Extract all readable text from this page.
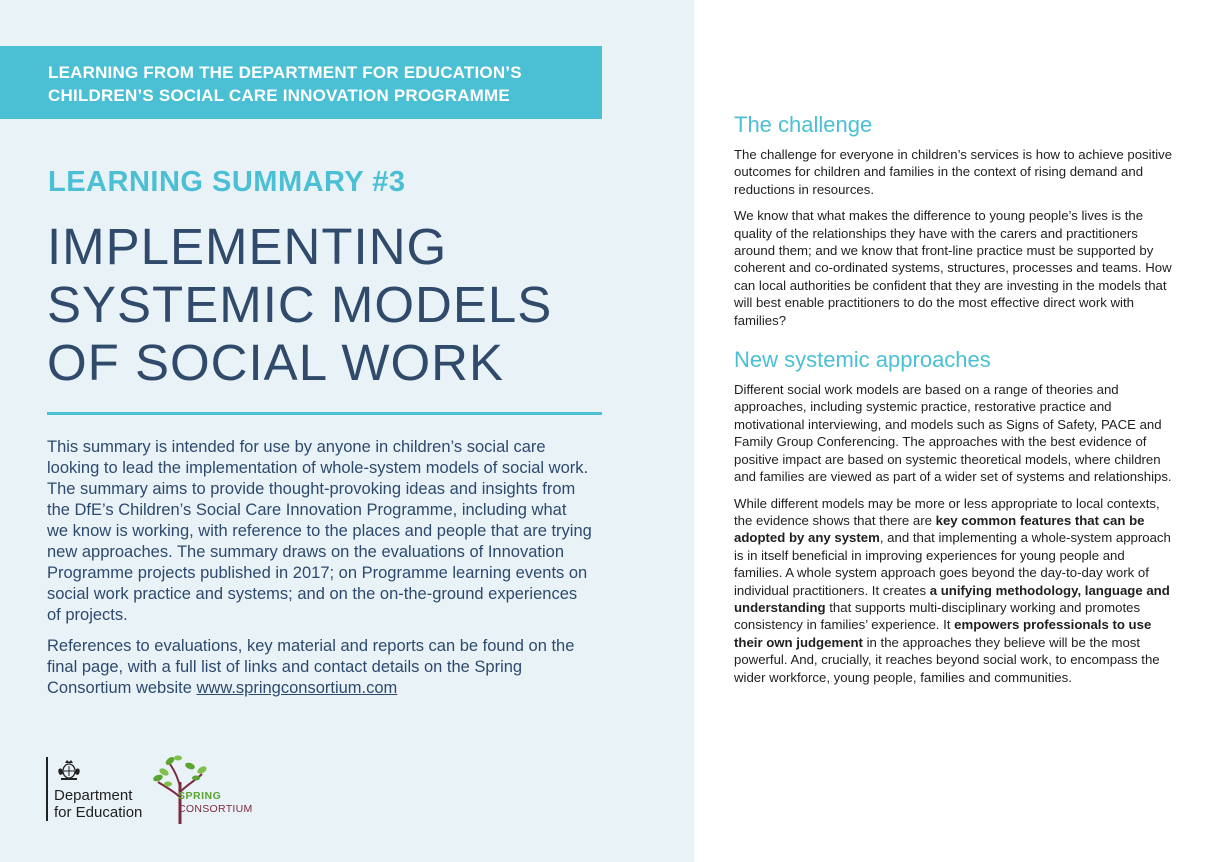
LEARNING FROM THE DEPARTMENT FOR EDUCATION’S
CHILDREN’S SOCIAL CARE INNOVATION PROGRAMME
LEARNING SUMMARY #3
IMPLEMENTING
SYSTEMIC MODELS
OF SOCIAL WORK

This summary is intended for use by anyone in children’s social care looking to lead the implementation of whole-system models of social work. The summary aims to provide thought-provoking ideas and insights from the DfE’s Children’s Social Care Innovation Programme, including what we know is working, with reference to the places and people that are trying new approaches. The summary draws on the evaluations of Innovation Programme projects published in 2017; on Programme learning events on social work practice and systems; and on the on-the-ground experiences of projects.

References to evaluations, key material and reports can be found on the final page, with a full list of links and contact details on the Spring Consortium website www.springconsortium.com

Department
for Education
SPRING
CONSORTIUM
The challenge

The challenge for everyone in children’s services is how to achieve positive outcomes for children and families in the context of rising demand and reductions in resources.

We know that what makes the difference to young people’s lives is the quality of the relationships they have with the carers and practitioners around them; and we know that front-line practice must be supported by coherent and co-ordinated systems, structures, processes and teams. How can local authorities be confident that they are investing in the models that will best enable practitioners to do the most effective direct work with families?

New systemic approaches

Different social work models are based on a range of theories and approaches, including systemic practice, restorative practice and motivational interviewing, and models such as Signs of Safety, PACE and Family Group Conferencing. The approaches with the best evidence of positive impact are based on systemic theoretical models, where children and families are viewed as part of a wider set of systems and relationships.

While different models may be more or less appropriate to local contexts, the evidence shows that there are key common features that can be adopted by any system, and that implementing a whole-system approach is in itself beneficial in improving experiences for young people and families. A whole system approach goes beyond the day-to-day work of individual practitioners. It creates a unifying methodology, language and understanding that supports multi-disciplinary working and promotes consistency in families’ experience. It empowers professionals to use their own judgement in the approaches they believe will be the most powerful. And, crucially, it reaches beyond social work, to encompass the wider workforce, young people, families and communities.
